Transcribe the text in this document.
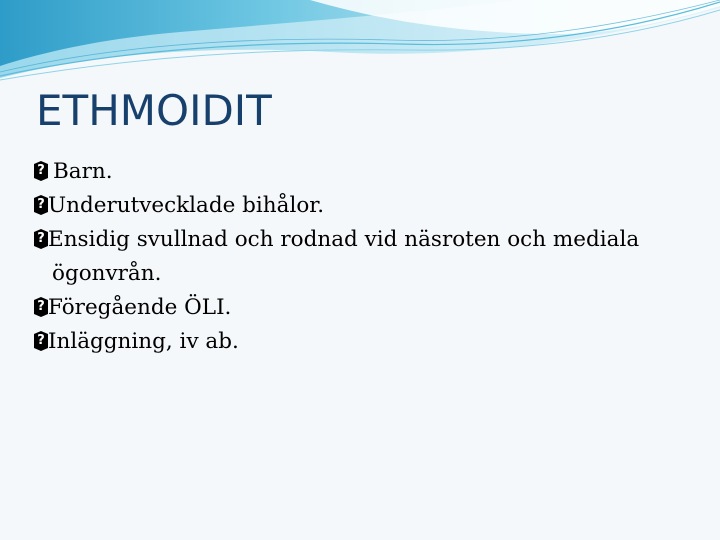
ETHMOIDIT
?
Barn.
?
Underutvecklade bihålor.
?
Ensidig svullnad och rodnad vid näsroten och mediala
ögonvrån.
?
Föregående ÖLI.
?
Inläggning, iv ab.
